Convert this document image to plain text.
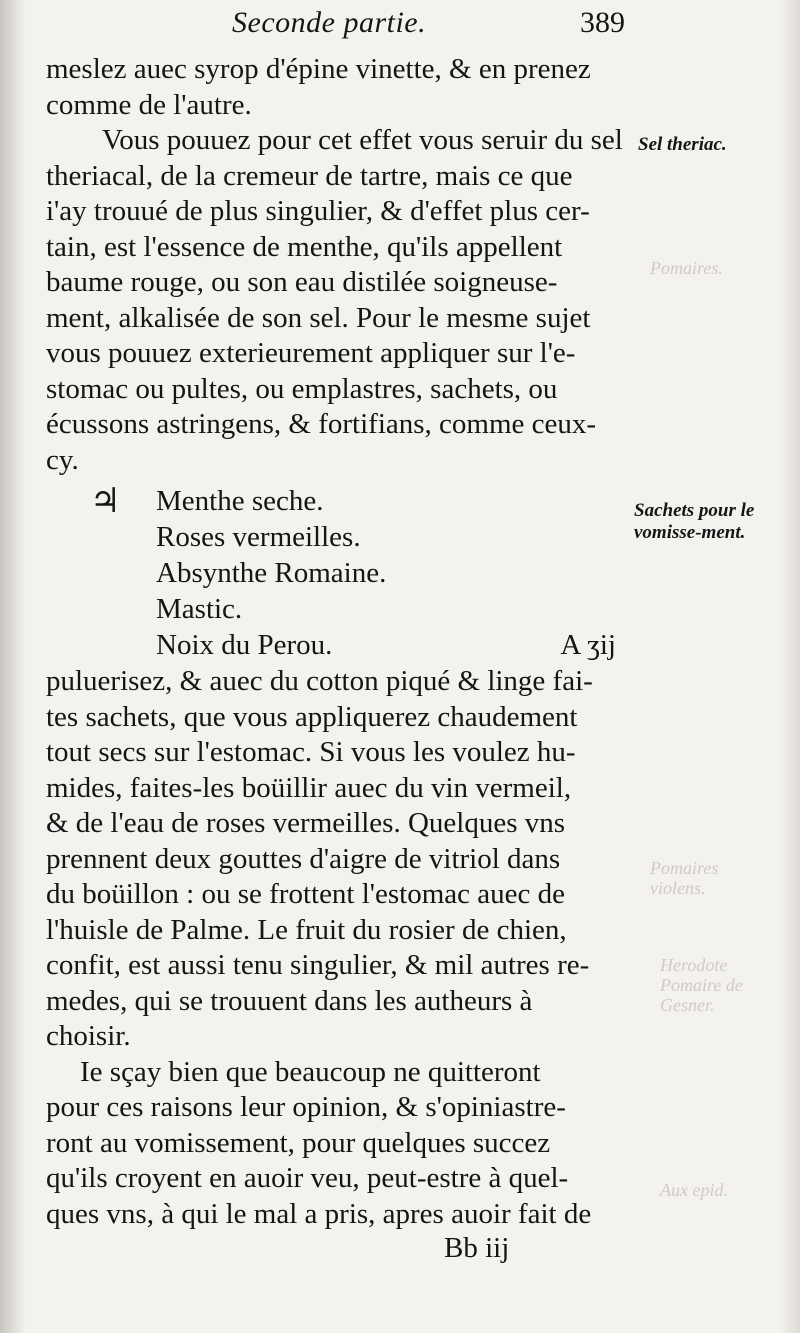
Pomaires.
Pomaires
violens.
Herodote
Pomaire de
Gesner.
Aux epid.
Seconde partie.	389
meslez auec syrop d'épine vinette, & en prenez
comme de l'autre.
Vous pouuez pour cet effet vous seruir du sel
theriacal, de la cremeur de tartre, mais ce que
i'ay trouué de plus singulier, & d'effet plus cer-
tain, est l'essence de menthe, qu'ils appellent
baume rouge, ou son eau distilée soigneuse-
ment, alkalisée de son sel. Pour le mesme sujet
vous pouuez exterieurement appliquer sur l'e-
stomac ou pultes, ou emplastres, sachets, ou
écussons astringens, & fortifians, comme ceux-
cy.
♃	Menthe seche.
Roses vermeilles.
Absynthe Romaine.
Mastic.
Noix du Perou.	A ʒij
puluerisez, & auec du cotton piqué & linge fai-
tes sachets, que vous appliquerez chaudement
tout secs sur l'estomac. Si vous les voulez hu-
mides, faites-les boüillir auec du vin vermeil,
& de l'eau de roses vermeilles. Quelques vns
prennent deux gouttes d'aigre de vitriol dans
du boüillon : ou se frottent l'estomac auec de
l'huisle de Palme. Le fruit du rosier de chien,
confit, est aussi tenu singulier, & mil autres re-
medes, qui se trouuent dans les autheurs à
choisir.
Ie sçay bien que beaucoup ne quitteront
pour ces raisons leur opinion, & s'opiniastre-
ront au vomissement, pour quelques succez
qu'ils croyent en auoir veu, peut-estre à quel-
ques vns, à qui le mal a pris, apres auoir fait de
Sel theriac.
Sachets pour le vomisse-ment.
Bb iij
